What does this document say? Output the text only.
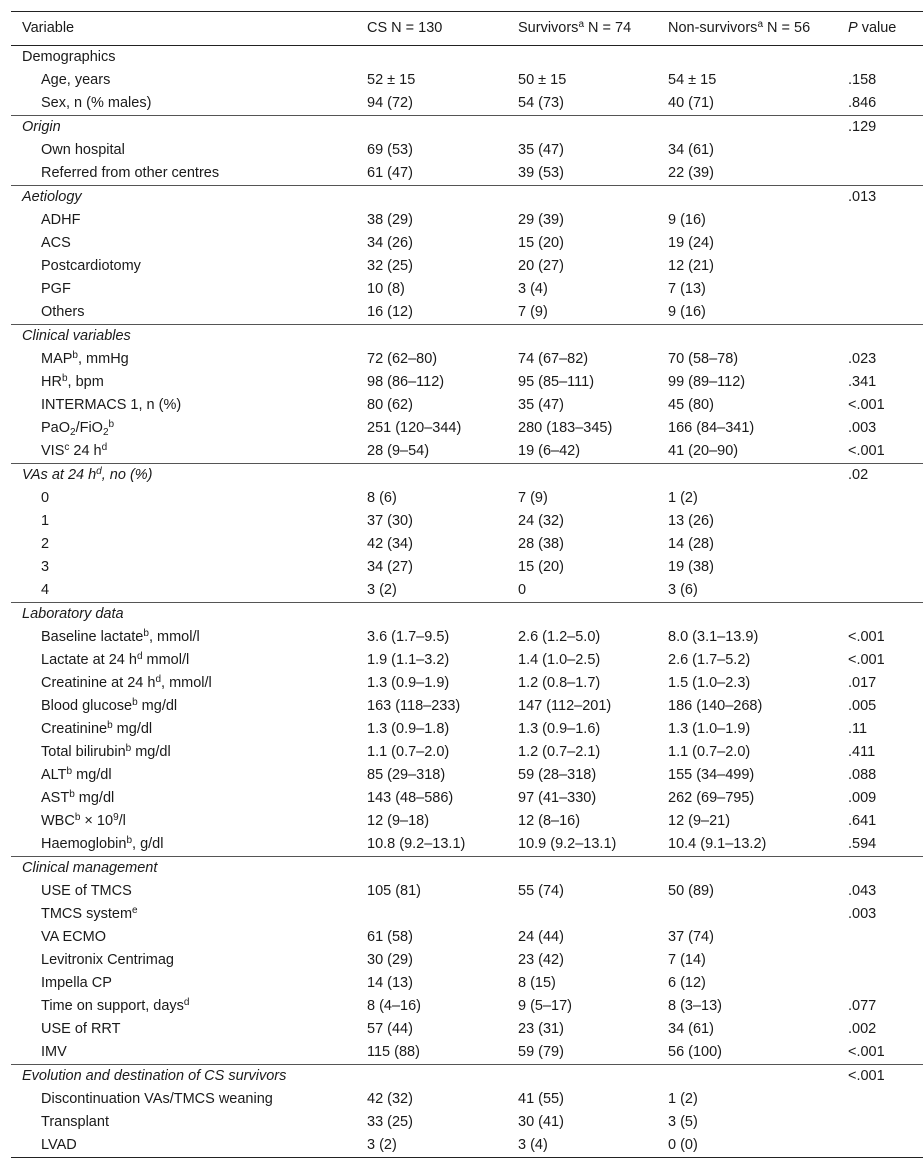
Variable	CS N = 130	Survivors$^a$ N = 74	Non-survivors$^a$ N = 56	P value
Demographics				
Age, years	52 ± 15	50 ± 15	54 ± 15	.158
Sex, n (% males)	94 (72)	54 (73)	40 (71)	.846
Origin				.129
Own hospital	69 (53)	35 (47)	34 (61)	
Referred from other centres	61 (47)	39 (53)	22 (39)	
Aetiology				.013
ADHF	38 (29)	29 (39)	9 (16)	
ACS	34 (26)	15 (20)	19 (24)	
Postcardiotomy	32 (25)	20 (27)	12 (21)	
PGF	10 (8)	3 (4)	7 (13)	
Others	16 (12)	7 (9)	9 (16)	
Clinical variables				
MAP$^b$, mmHg	72 (62–80)	74 (67–82)	70 (58–78)	.023
$HR^b$, bpm	98 (86–112)	95 (85–111)	99 (89–112)	.341
INTERMACS 1, n (%)	80 (62)	35 (47)	45 (80)	<.001
PaO$_2$/FiO$_2^b$	251 (120–344)	280 (183–345)	166 (84–341)	.003
VIS$^c$ 24 $h^d$	28 (9–54)	19 (6–42)	41 (20–90)	<.001
VAs at 24 $h^d$, no (%)				.02
0	8 (6)	7 (9)	1 (2)	
1	37 (30)	24 (32)	13 (26)	
2	42 (34)	28 (38)	14 (28)	
3	34 (27)	15 (20)	19 (38)	
4	3 (2)	0	3 (6)	
Laboratory data				
Baseline lactate$^b$, mmol/l	3.6 (1.7–9.5)	2.6 (1.2–5.0)	8.0 (3.1–13.9)	<.001
Lactate at 24 $h^d$ mmol/l	1.9 (1.1–3.2)	1.4 (1.0–2.5)	2.6 (1.7–5.2)	<.001
Creatinine at 24 $h^d$, mmol/l	1.3 (0.9–1.9)	1.2 (0.8–1.7)	1.5 (1.0–2.3)	.017
Blood glucose$^b$ mg/dl	163 (118–233)	147 (112–201)	186 (140–268)	.005
Creatinine$^b$ mg/dl	1.3 (0.9–1.8)	1.3 (0.9–1.6)	1.3 (1.0–1.9)	.11
Total bilirubin$^b$ mg/dl	1.1 (0.7–2.0)	1.2 (0.7–2.1)	1.1 (0.7–2.0)	.411
ALT$^b$ mg/dl	85 (29–318)	59 (28–318)	155 (34–499)	.088
AST$^b$ mg/dl	143 (48–586)	97 (41–330)	262 (69–795)	.009
$WBC^b \times 10^9/l$	12 (9–18)	12 (8–16)	12 (9–21)	.641
Haemoglobin$^b$, g/dl	10.8 (9.2–13.1)	10.9 (9.2–13.1)	10.4 (9.1–13.2)	.594
Clinical management				
USE of TMCS	105 (81)	55 (74)	50 (89)	.043
TMCS system$^e$				.003
VA ECMO	61 (58)	24 (44)	37 (74)	
Levitronix Centrimag	30 (29)	23 (42)	7 (14)	
Impella CP	14 (13)	8 (15)	6 (12)	
Time on support, days$^d$	8 (4–16)	9 (5–17)	8 (3–13)	.077
USE of RRT	57 (44)	23 (31)	34 (61)	.002
IMV	115 (88)	59 (79)	56 (100)	<.001
Evolution and destination of CS survivors				<.001
Discontinuation VAs/TMCS weaning	42 (32)	41 (55)	1 (2)	
Transplant	33 (25)	30 (41)	3 (5)	
LVAD	3 (2)	3 (4)	0 (0)	
